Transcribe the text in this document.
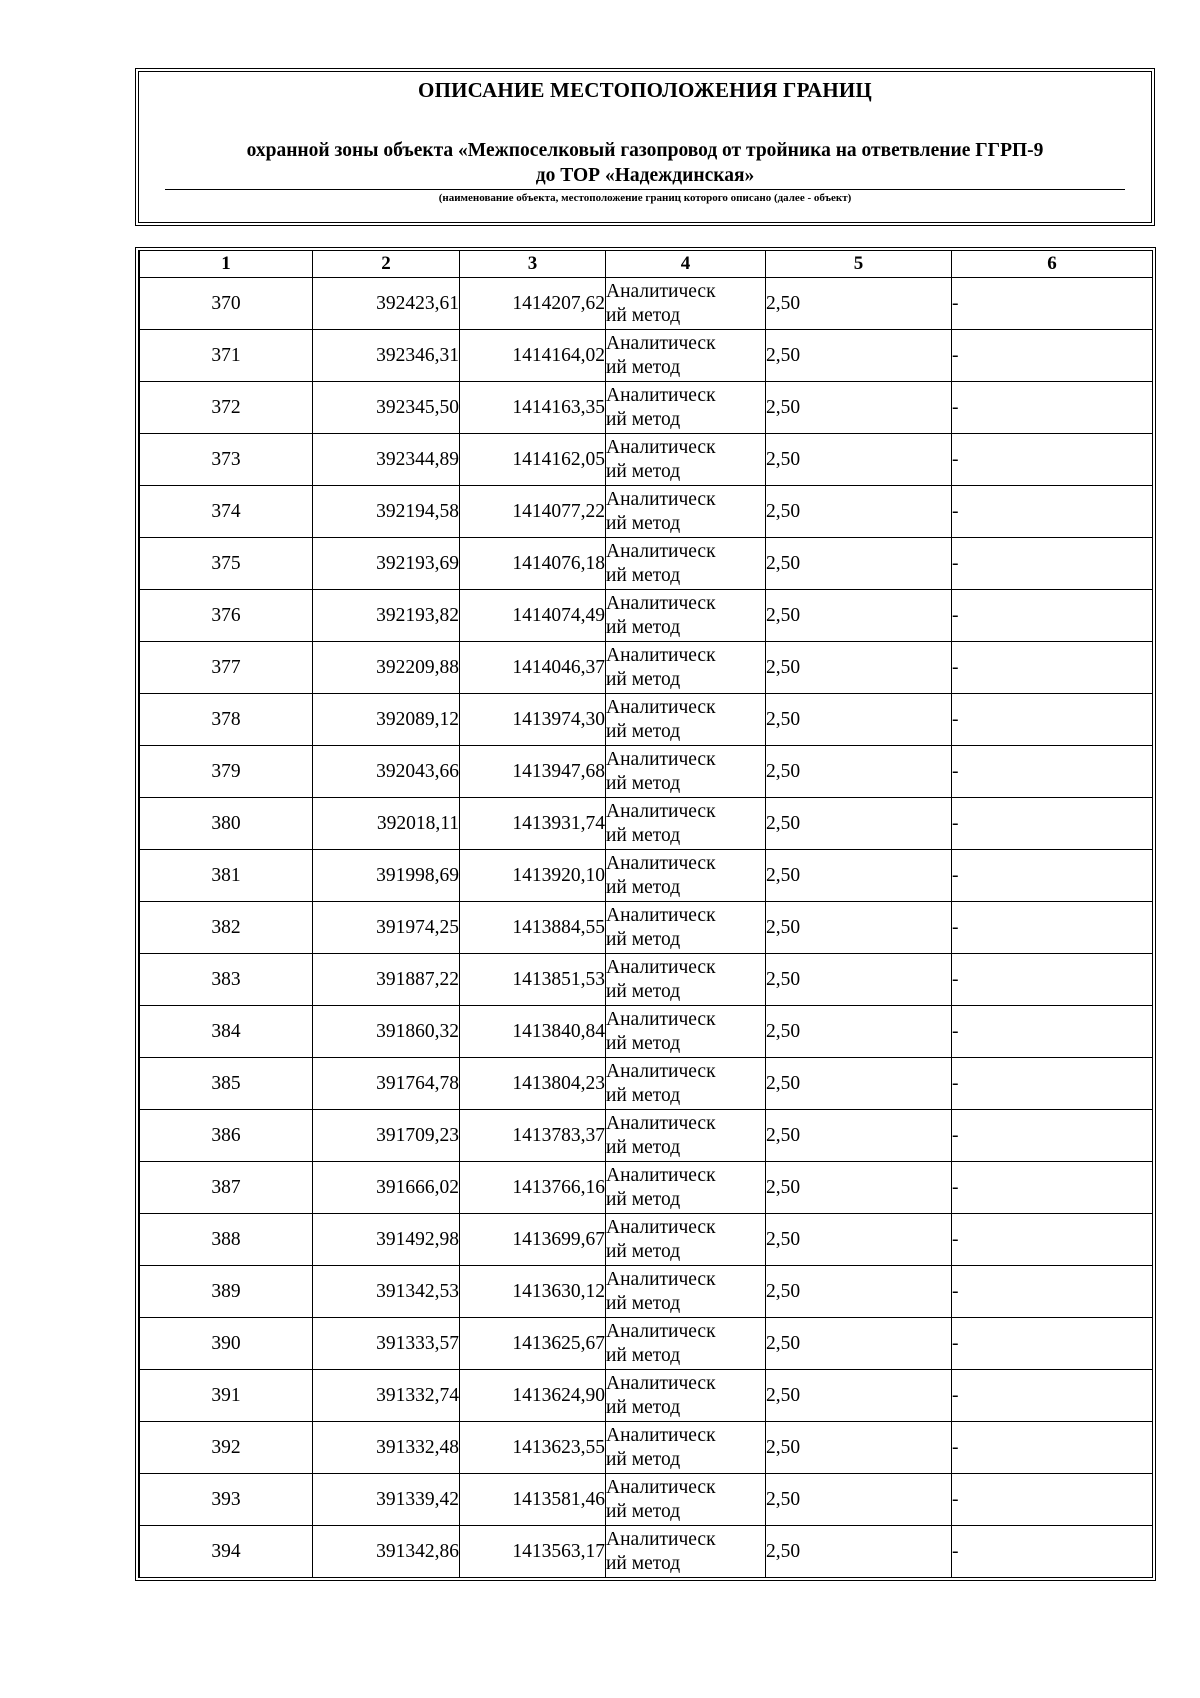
ОПИСАНИЕ МЕСТОПОЛОЖЕНИЯ ГРАНИЦ
охранной зоны объекта «Межпоселковый газопровод от тройника на ответвление ГГРП-9
до ТОР «Надеждинская»
(наименование объекта, местоположение границ которого описано (далее - объект)
1	2	3	4	5	6
370	392423,61	1414207,62	Аналитическ
ий метод	2,50	-
371	392346,31	1414164,02	Аналитическ
ий метод	2,50	-
372	392345,50	1414163,35	Аналитическ
ий метод	2,50	-
373	392344,89	1414162,05	Аналитическ
ий метод	2,50	-
374	392194,58	1414077,22	Аналитическ
ий метод	2,50	-
375	392193,69	1414076,18	Аналитическ
ий метод	2,50	-
376	392193,82	1414074,49	Аналитическ
ий метод	2,50	-
377	392209,88	1414046,37	Аналитическ
ий метод	2,50	-
378	392089,12	1413974,30	Аналитическ
ий метод	2,50	-
379	392043,66	1413947,68	Аналитическ
ий метод	2,50	-
380	392018,11	1413931,74	Аналитическ
ий метод	2,50	-
381	391998,69	1413920,10	Аналитическ
ий метод	2,50	-
382	391974,25	1413884,55	Аналитическ
ий метод	2,50	-
383	391887,22	1413851,53	Аналитическ
ий метод	2,50	-
384	391860,32	1413840,84	Аналитическ
ий метод	2,50	-
385	391764,78	1413804,23	Аналитическ
ий метод	2,50	-
386	391709,23	1413783,37	Аналитическ
ий метод	2,50	-
387	391666,02	1413766,16	Аналитическ
ий метод	2,50	-
388	391492,98	1413699,67	Аналитическ
ий метод	2,50	-
389	391342,53	1413630,12	Аналитическ
ий метод	2,50	-
390	391333,57	1413625,67	Аналитическ
ий метод	2,50	-
391	391332,74	1413624,90	Аналитическ
ий метод	2,50	-
392	391332,48	1413623,55	Аналитическ
ий метод	2,50	-
393	391339,42	1413581,46	Аналитическ
ий метод	2,50	-
394	391342,86	1413563,17	Аналитическ
ий метод	2,50	-
